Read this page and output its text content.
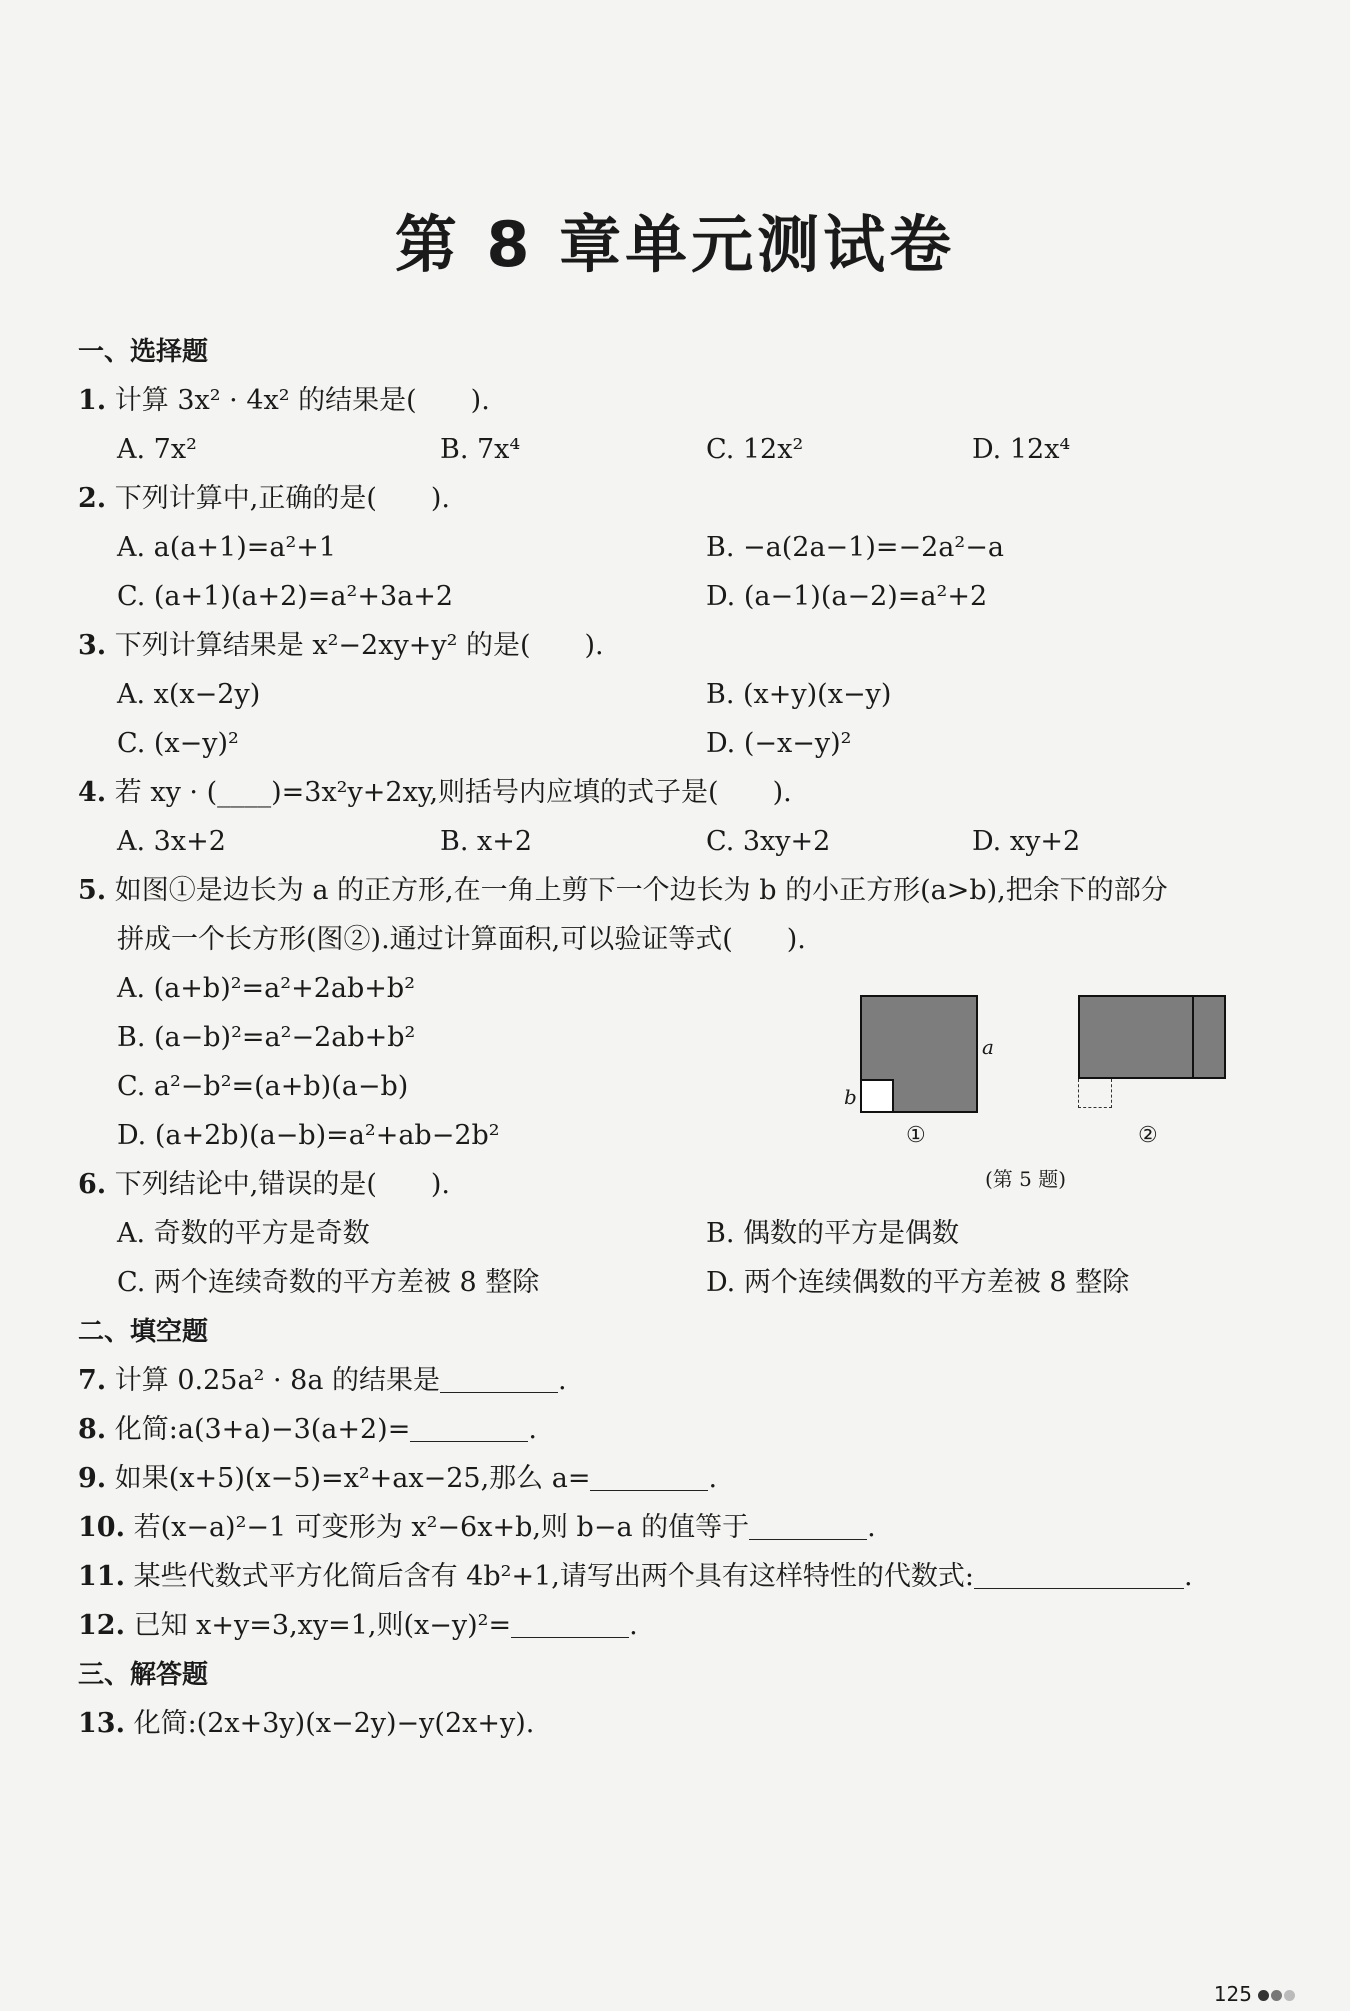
第 8 章单元测试卷
一、选择题
1. 计算 3x² · 4x² 的结果是(　　).
A. 7x²	B. 7x⁴	C. 12x²	D. 12x⁴
2. 下列计算中,正确的是(　　).
A. a(a+1)=a²+1	B. −a(2a−1)=−2a²−a
C. (a+1)(a+2)=a²+3a+2	D. (a−1)(a−2)=a²+2
3. 下列计算结果是 x²−2xy+y² 的是(　　).
A. x(x−2y)	B. (x+y)(x−y)
C. (x−y)²	D. (−x−y)²
4. 若 xy · (____)=3x²y+2xy,则括号内应填的式子是(　　).
A. 3x+2	B. x+2	C. 3xy+2	D. xy+2
5. 如图①是边长为 a 的正方形,在一角上剪下一个边长为 b 的小正方形(a>b),把余下的部分
拼成一个长方形(图②).通过计算面积,可以验证等式(　　).
A. (a+b)²=a²+2ab+b²
B. (a−b)²=a²−2ab+b²
C. a²−b²=(a+b)(a−b)
D. (a+2b)(a−b)=a²+ab−2b²
a
b
①	②
(第 5 题)
6. 下列结论中,错误的是(　　).
A. 奇数的平方是奇数	B. 偶数的平方是偶数
C. 两个连续奇数的平方差被 8 整除	D. 两个连续偶数的平方差被 8 整除
二、填空题
7. 计算 0.25a² · 8a 的结果是	.
8. 化简:a(3+a)−3(a+2)=	.
9. 如果(x+5)(x−5)=x²+ax−25,那么 a=	.
10. 若(x−a)²−1 可变形为 x²−6x+b,则 b−a 的值等于	.
11. 某些代数式平方化简后含有 4b²+1,请写出两个具有这样特性的代数式:	.
12. 已知 x+y=3,xy=1,则(x−y)²=	.
三、解答题
13. 化简:(2x+3y)(x−2y)−y(2x+y).
125
